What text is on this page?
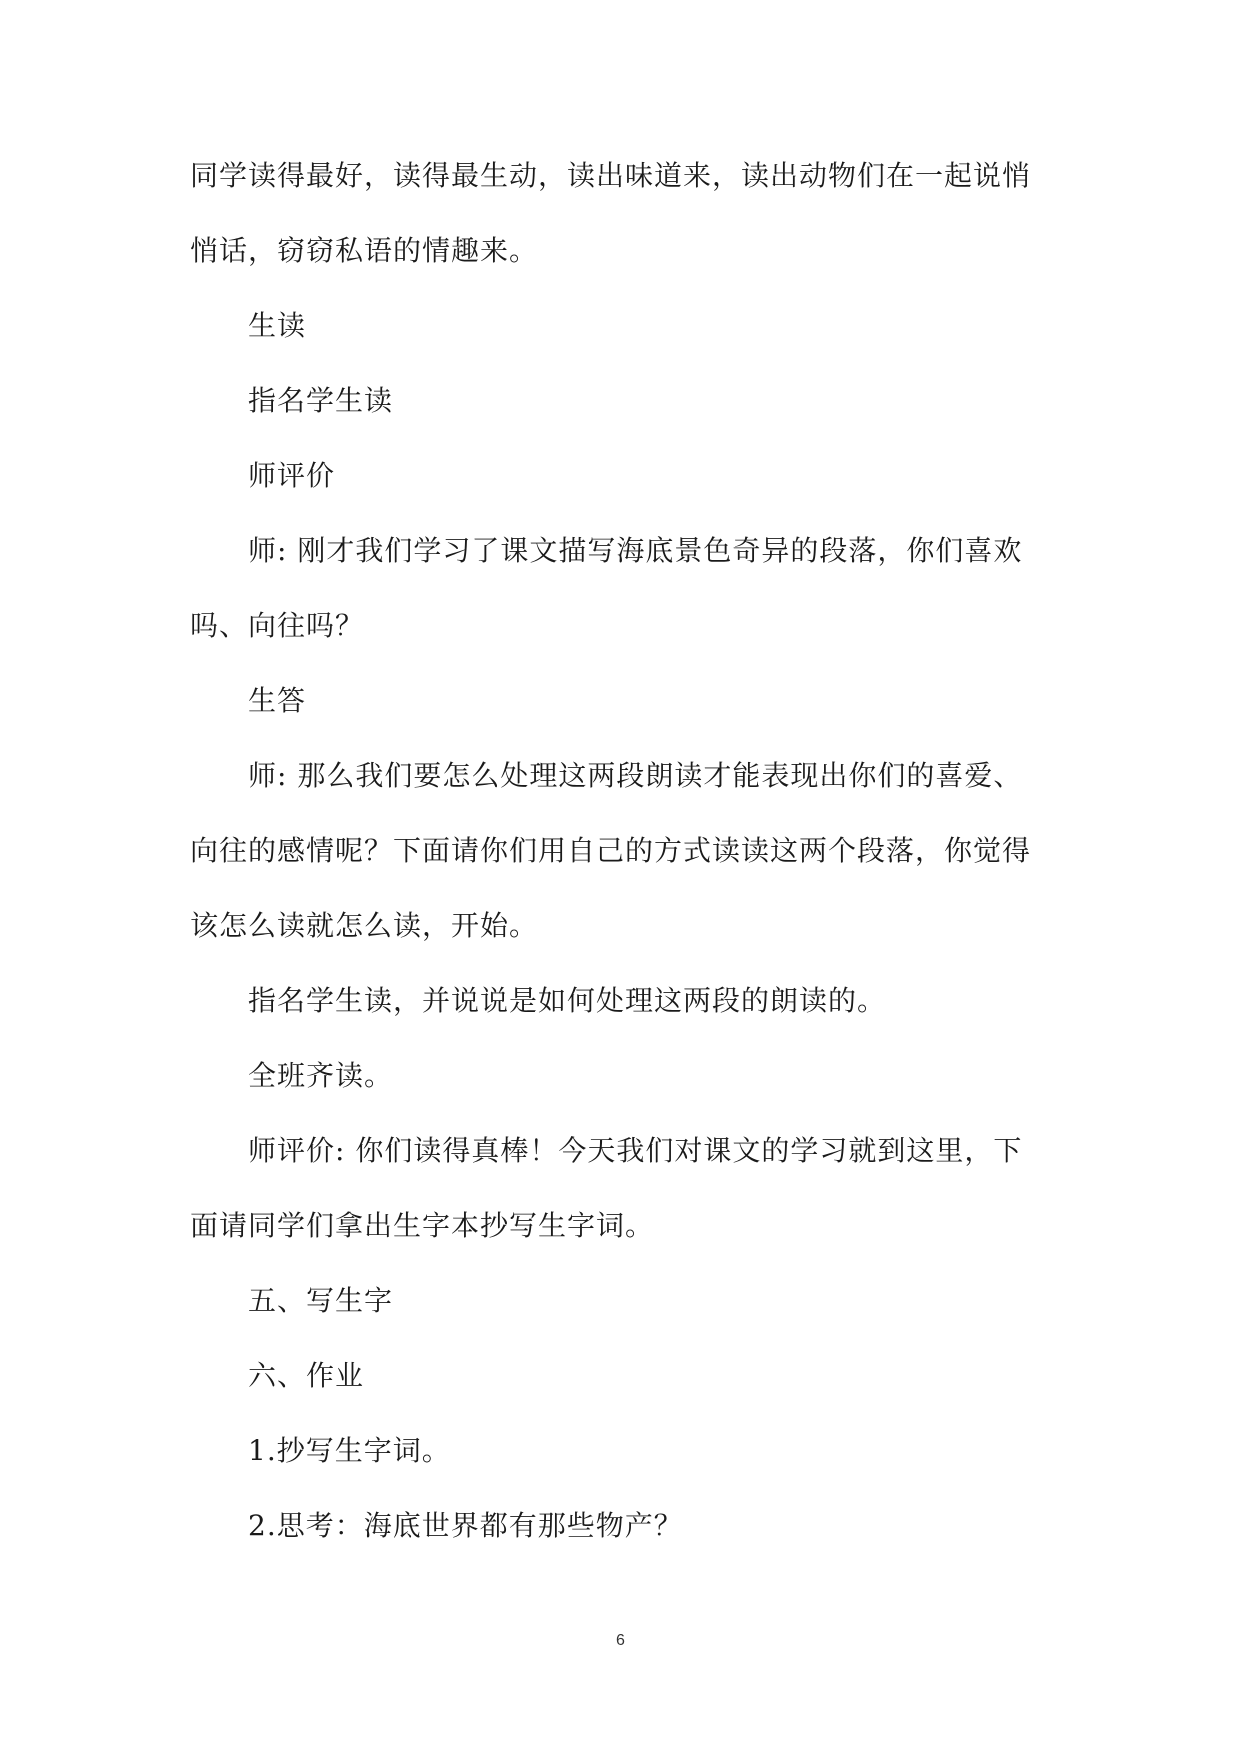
同学读得最好，读得最生动，读出味道来，读出动物们在一起说悄悄话，窃窃私语的情趣来。

生读

指名学生读

师评价

师: 刚才我们学习了课文描写海底景色奇异的段落，你们喜欢吗、向往吗？

生答

师: 那么我们要怎么处理这两段朗读才能表现出你们的喜爱、向往的感情呢？下面请你们用自己的方式读读这两个段落，你觉得该怎么读就怎么读，开始。

指名学生读，并说说是如何处理这两段的朗读的。

全班齐读。

师评价: 你们读得真棒！今天我们对课文的学习就到这里，下面请同学们拿出生字本抄写生字词。

五、写生字

六、作业

1.抄写生字词。

2.思考：海底世界都有那些物产？

6
